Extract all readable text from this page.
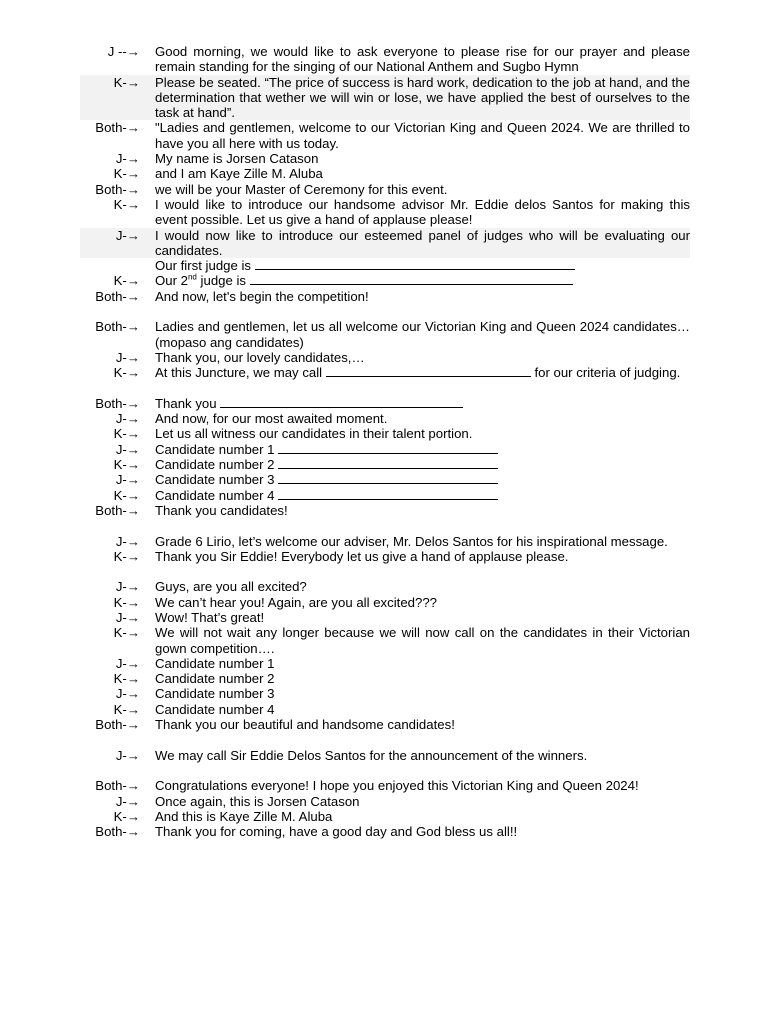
J --→ Good morning, we would like to ask everyone to please rise for our prayer and please remain standing for the singing of our National Anthem and Sugbo Hymn
K-→ Please be seated. “The price of success is hard work, dedication to the job at hand, and the determination that wether we will win or lose, we have applied the best of ourselves to the task at hand”.
Both-→ "Ladies and gentlemen, welcome to our Victorian King and Queen 2024. We are thrilled to have you all here with us today.
J-→ My name is Jorsen Catason
K-→ and I am Kaye Zille M. Aluba
Both-→ we will be your Master of Ceremony for this event.
K-→ I would like to introduce our handsome advisor Mr. Eddie delos Santos for making this event possible. Let us give a hand of applause please!
J-→ I would now like to introduce our esteemed panel of judges who will be evaluating our candidates.
Our first judge is
K-→ Our 2nd judge is
Both-→ And now, let's begin the competition!
Both-→ Ladies and gentlemen, let us all welcome our Victorian King and Queen 2024 candidates… (mopaso ang candidates)
J-→ Thank you, our lovely candidates,…
K-→ At this Juncture, we may call	for our criteria of judging.
Both-→ Thank you
J-→ And now, for our most awaited moment.
K-→ Let us all witness our candidates in their talent portion.
J-→ Candidate number 1
K-→ Candidate number 2
J-→ Candidate number 3
K-→ Candidate number 4
Both-→ Thank you candidates!
J-→ Grade 6 Lirio, let’s welcome our adviser, Mr. Delos Santos for his inspirational message.
K-→ Thank you Sir Eddie! Everybody let us give a hand of applause please.
J-→ Guys, are you all excited?
K-→ We can’t hear you! Again, are you all excited???
J-→ Wow! That’s great!
K-→ We will not wait any longer because we will now call on the candidates in their Victorian gown competition….
J-→ Candidate number 1
K-→ Candidate number 2
J-→ Candidate number 3
K-→ Candidate number 4
Both-→ Thank you our beautiful and handsome candidates!
J-→ We may call Sir Eddie Delos Santos for the announcement of the winners.
Both-→ Congratulations everyone! I hope you enjoyed this Victorian King and Queen 2024!
J-→ Once again, this is Jorsen Catason
K-→ And this is Kaye Zille M. Aluba
Both-→ Thank you for coming, have a good day and God bless us all!!
